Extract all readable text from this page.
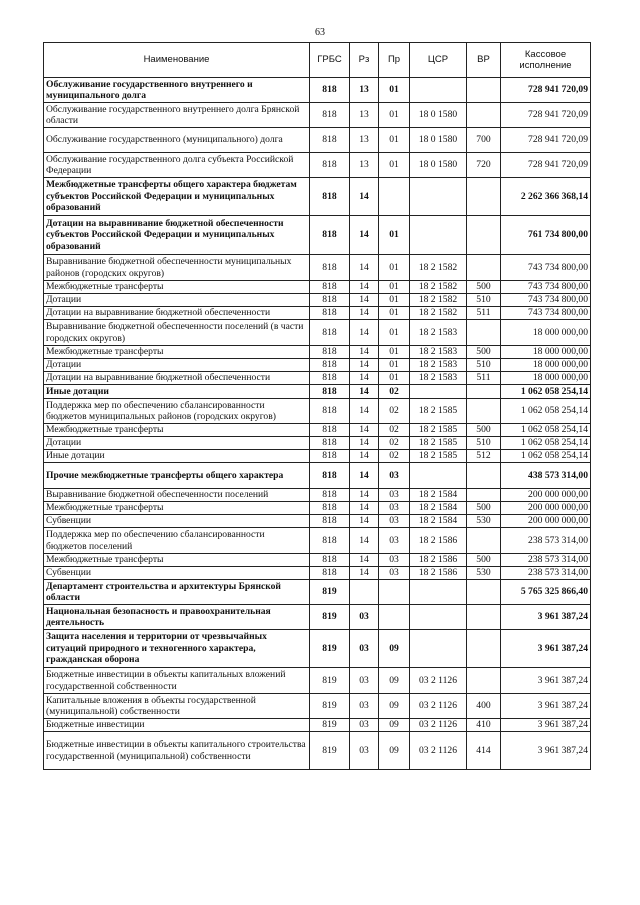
63
Наименование	ГРБС	Рз	Пр	ЦСР	ВР	Кассовое исполнение
Обслуживание государственного внутреннего и муниципального долга	818	13	01			728 941 720,09
Обслуживание государственного внутреннего долга Брянской области	818	13	01	18 0 1580		728 941 720,09
Обслуживание государственного (муниципального) долга	818	13	01	18 0 1580	700	728 941 720,09
Обслуживание государственного долга субъекта Российской Федерации	818	13	01	18 0 1580	720	728 941 720,09
Межбюджетные трансферты общего характера бюджетам субъектов Российской Федерации и муниципальных образований	818	14				2 262 366 368,14
Дотации на выравнивание бюджетной обеспеченности субъектов Российской Федерации и муниципальных образований	818	14	01			761 734 800,00
Выравнивание бюджетной обеспеченности муниципальных районов (городских округов)	818	14	01	18 2 1582		743 734 800,00
Межбюджетные трансферты	818	14	01	18 2 1582	500	743 734 800,00
Дотации	818	14	01	18 2 1582	510	743 734 800,00
Дотации на выравнивание бюджетной обеспеченности	818	14	01	18 2 1582	511	743 734 800,00
Выравнивание бюджетной обеспеченности поселений (в части городских округов)	818	14	01	18 2 1583		18 000 000,00
Межбюджетные трансферты	818	14	01	18 2 1583	500	18 000 000,00
Дотации	818	14	01	18 2 1583	510	18 000 000,00
Дотации на выравнивание бюджетной обеспеченности	818	14	01	18 2 1583	511	18 000 000,00
Иные дотации	818	14	02			1 062 058 254,14
Поддержка мер по обеспечению сбалансированности бюджетов муниципальных районов (городских округов)	818	14	02	18 2 1585		1 062 058 254,14
Межбюджетные трансферты	818	14	02	18 2 1585	500	1 062 058 254,14
Дотации	818	14	02	18 2 1585	510	1 062 058 254,14
Иные дотации	818	14	02	18 2 1585	512	1 062 058 254,14
Прочие межбюджетные трансферты общего характера	818	14	03			438 573 314,00
Выравнивание бюджетной обеспеченности поселений	818	14	03	18 2 1584		200 000 000,00
Межбюджетные трансферты	818	14	03	18 2 1584	500	200 000 000,00
Субвенции	818	14	03	18 2 1584	530	200 000 000,00
Поддержка мер по обеспечению сбалансированности бюджетов поселений	818	14	03	18 2 1586		238 573 314,00
Межбюджетные трансферты	818	14	03	18 2 1586	500	238 573 314,00
Субвенции	818	14	03	18 2 1586	530	238 573 314,00
Департамент строительства и архитектуры Брянской области	819					5 765 325 866,40
Национальная безопасность и правоохранительная деятельность	819	03				3 961 387,24
Защита населения и территории от чрезвычайных ситуаций природного и техногенного характера, гражданская оборона	819	03	09			3 961 387,24
Бюджетные инвестиции в объекты капитальных вложений государственной собственности	819	03	09	03 2 1126		3 961 387,24
Капитальные вложения в объекты государственной (муниципальной) собственности	819	03	09	03 2 1126	400	3 961 387,24
Бюджетные инвестиции	819	03	09	03 2 1126	410	3 961 387,24
Бюджетные инвестиции в объекты капитального строительства государственной (муниципальной) собственности	819	03	09	03 2 1126	414	3 961 387,24
